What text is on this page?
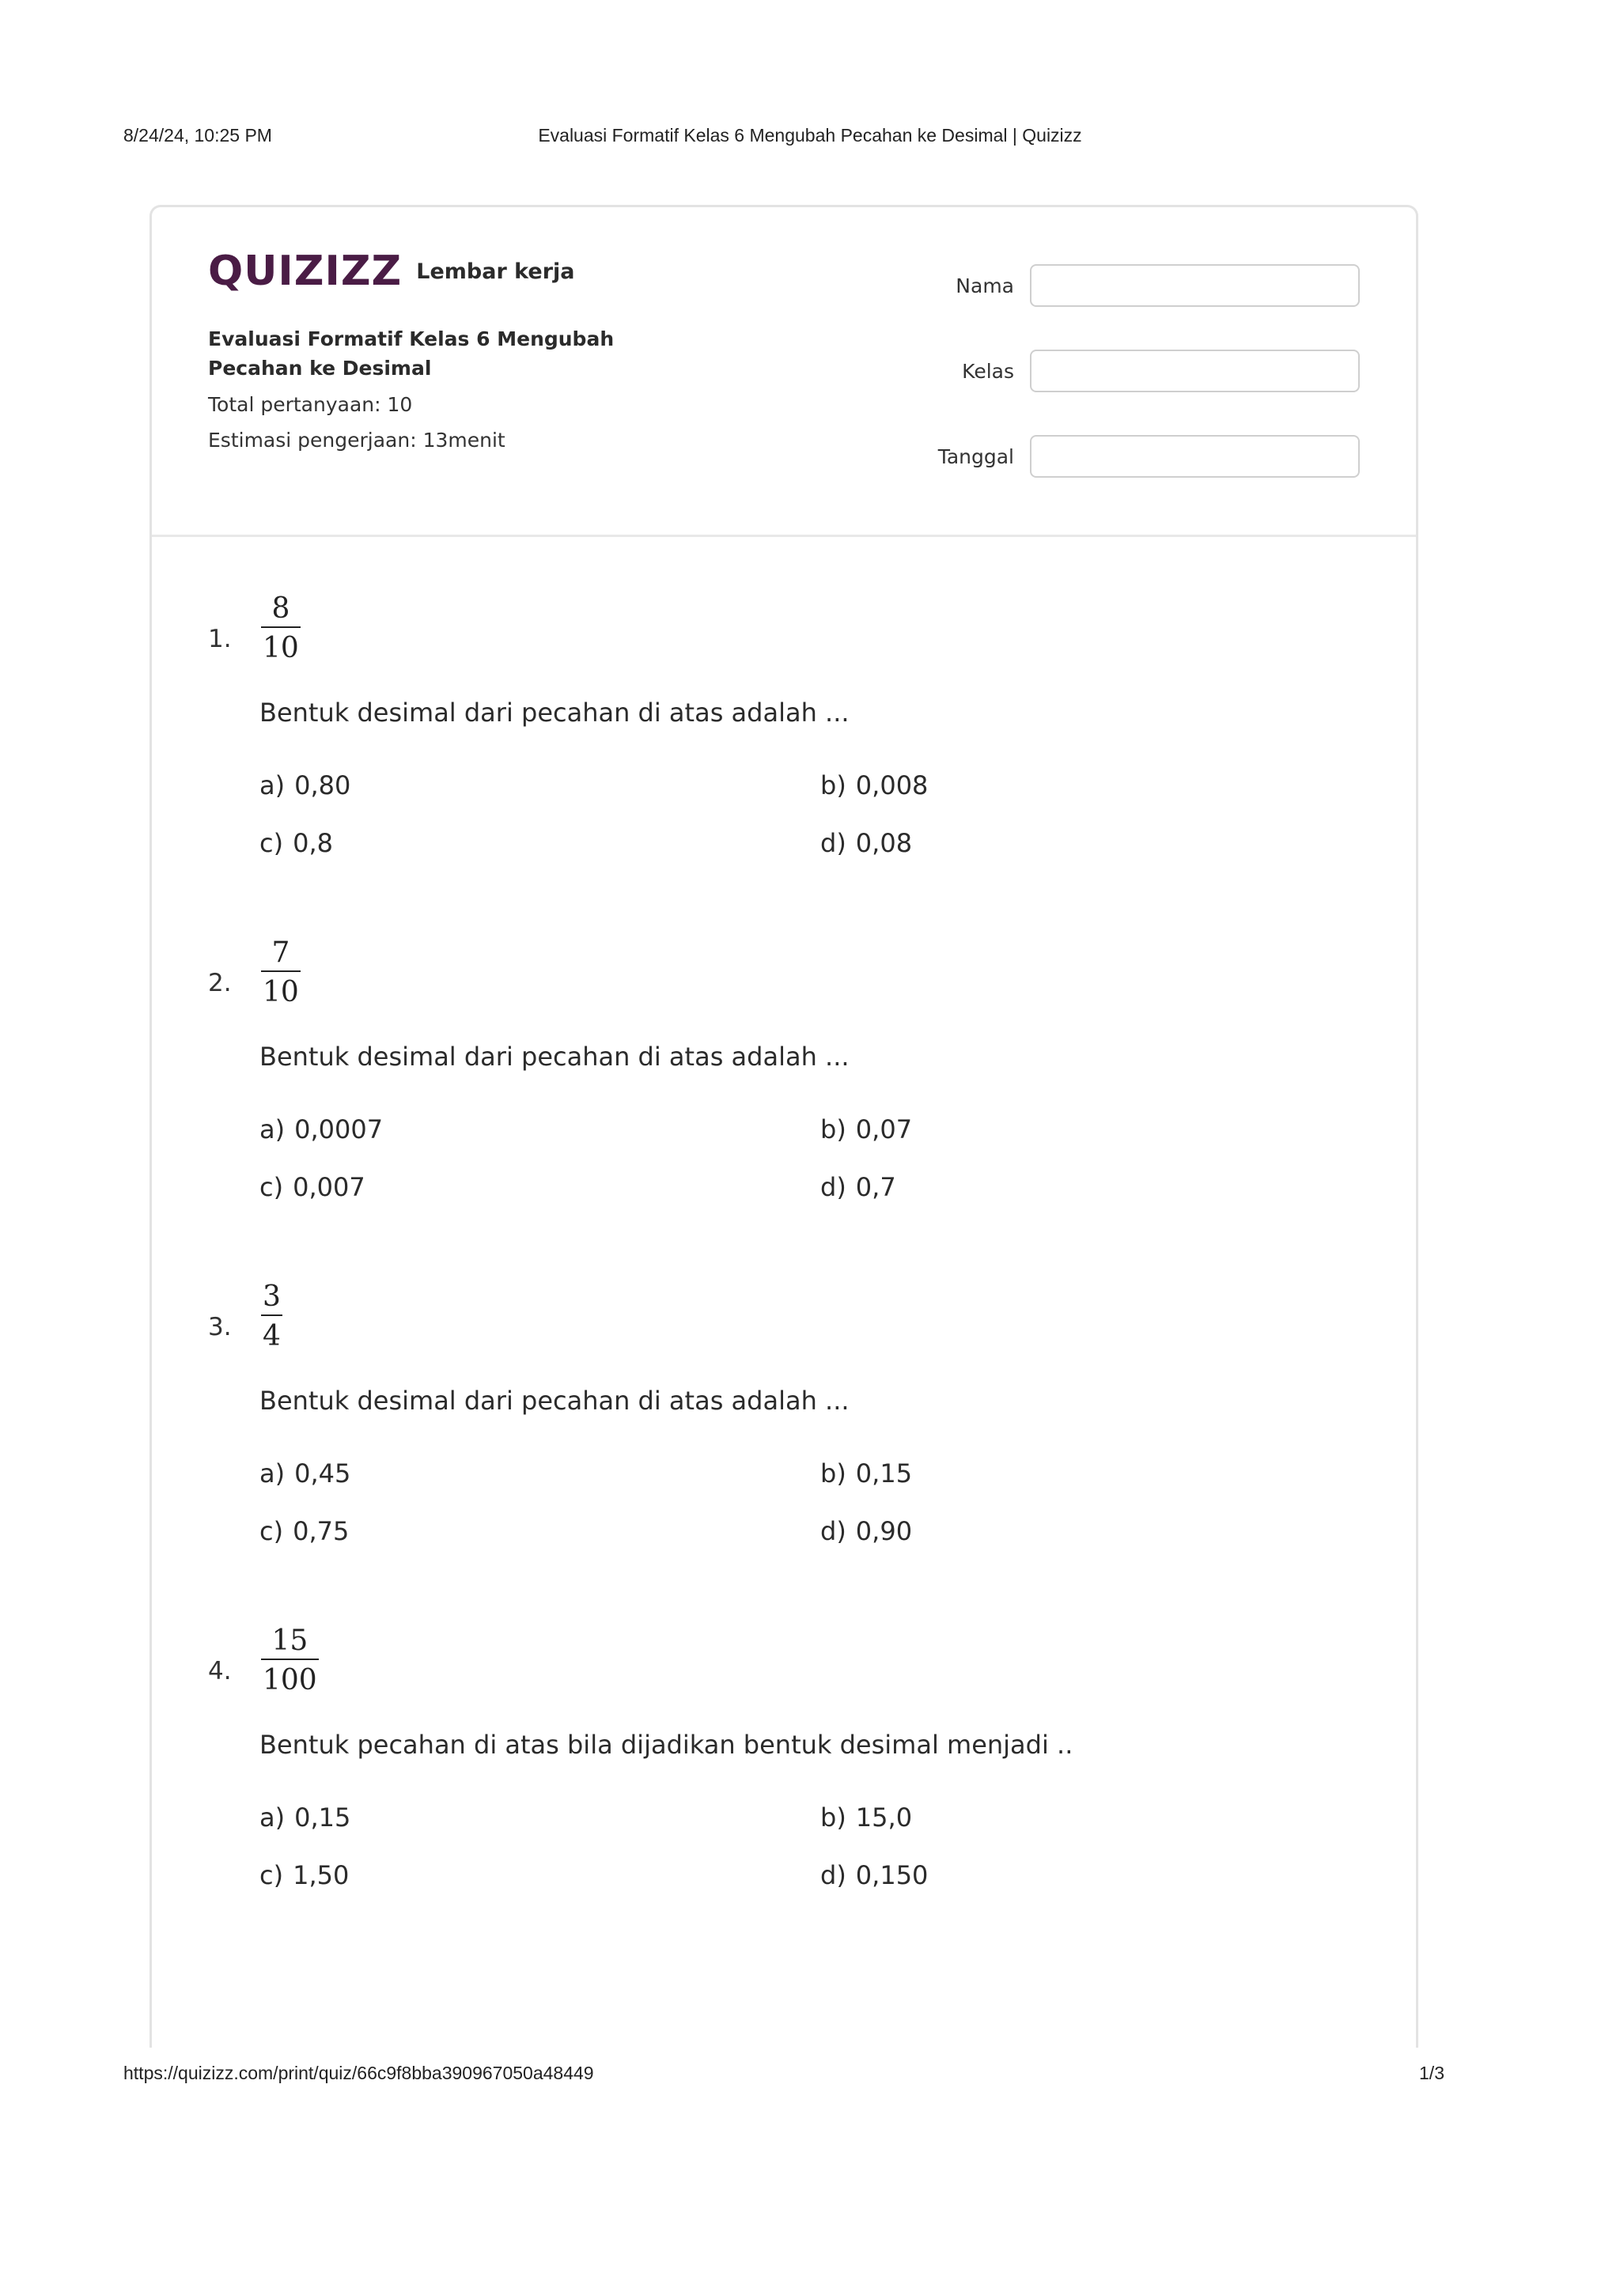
8/24/24, 10:25 PM	Evaluasi Formatif Kelas 6 Mengubah Pecahan ke Desimal | Quizizz
QUIZIZZ Lembar kerja
Evaluasi Formatif Kelas 6 Mengubah Pecahan ke Desimal
Total pertanyaan: 10
Estimasi pengerjaan: 13menit
Nama
Kelas
Tanggal
1.
8
10
Bentuk desimal dari pecahan di atas adalah ...
a) 0,80	b) 0,008
c) 0,8	d) 0,08
2.
7
10
Bentuk desimal dari pecahan di atas adalah ...
a) 0,0007	b) 0,07
c) 0,007	d) 0,7
3.
3
4
Bentuk desimal dari pecahan di atas adalah ...
a) 0,45	b) 0,15
c) 0,75	d) 0,90
4.
15
100
Bentuk pecahan di atas bila dijadikan bentuk desimal menjadi ..
a) 0,15	b) 15,0
c) 1,50	d) 0,150
https://quizizz.com/print/quiz/66c9f8bba390967050a48449	1/3
